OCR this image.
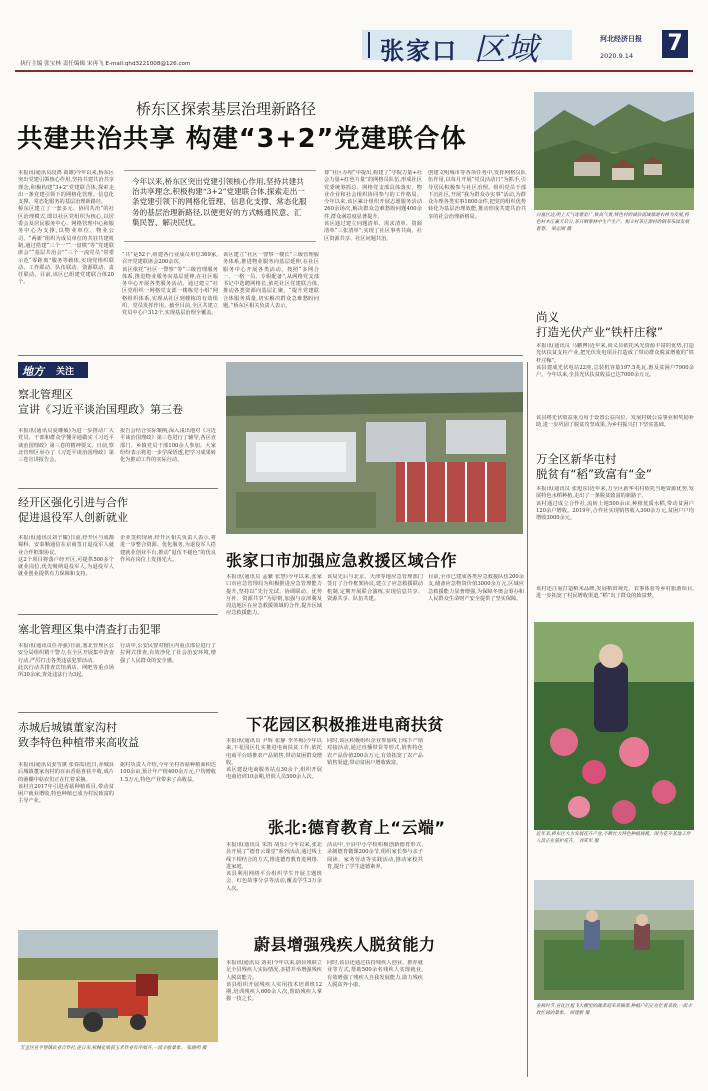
执行主编 张宝林 责任编辑 宋再飞 E-mail:qhd3221008@126.com	张家口 区域	河北经济日报
2020.9.14	7
桥东区探索基层治理新路径
共建共治共享 构建“3+2”党建联合体
本报讯(通讯员段鸿 葛雄)今年以来,桥东区突出党建引领核心作用,坚持共建共治共享理念,积极构建“3+2”党建联合体,探索走出一条党建引领下的网格化管理、信息化支撑、常态化服务的基层治理新路径。
桥东区建立了一套多元、协同共治“的社区治理模式,即以社区党组织为核心,以居委会及居民服务中心、网格管理中心和服务中心为支撑,以物业单位、物业公司、“两新”组织为成员单位的共驻共建机制,通过搭建“三个一”“一盘棋”等“党建联席会”“基层共治会”“三个一流党员”常委示范“零距离”服务等载体,实现党组织联动、工作联动、队伍联动、资源联动、责任联动。目前,该区已组建党建联合体20个。
今年以来,桥东区突出党建引领核心作用,坚持共建共治共享理念,积极构建“3+2”党建联合体,探索走出一条党建引领下的网格化管理、信息化支撑、常态化服务的基层治理新路径,以便更好的方式畅通民意、汇集民智、解决民忧。
“共”是52个,组建各行业成员单位369家,召开党建联席会200余次。
该区依托“社区一警察”等“三级管理服务体系,推进物业服务向基层延伸,在社区服务中心开展各类服务活动。通过建立“社区党组织一网格党支部一楼栋党小组”网格组织体系,实现从社区到楼栋的有效组织、党员发挥作用。截至目前,全区共建立党员中心户312个,实现基层治理全覆盖。
该区建立“社区一警察一楼长”三级管理服务体系,推进物业服务向基层延伸,在社区服务中心开展各类活动。按照“多网合一、一格一员、专职配备”,从网格党支部书记中选聘网格长,依托社区党建联合体,推动各类资源向基层汇聚。“提升党建联合体服务质量,切实解决群众急难愁盼问题。”桥东区相关负责人表示。
尊“社区办理”中提出,构建了“学院力量+社会力量+红色力量”的网格员队伍,形成社区党委统筹抓总、网格党支部具体落实、物业企业和社会组织协同参与的工作格局。今年以来,该区累计组织开展志愿服务活动260余场次,解决群众急难愁盼问题400余件,群众满意度显著提升。
该区通过建立问题清单、需求清单、资源清单“三张清单”,实现了社区事务共商、社区资源共享、社区问题共治。
创建文明城市等各项任务中,发挥网格员队伍作用,以每月开展“党员活动日”为抓手,引导居民积极参与社区治理。组织党员干部下沉社区,开展“我为群众办实事”活动,为群众办理各类实事1800余件,把党的组织优势转化为基层治理效能,推动形成共建共治共享的社会治理新格局。	白塞区边,明上天气迷蒙宽广,秋高气爽,特色村的诚信流域旅游农林为发展,特色村木庄嘉天后公,茶日晒蒙林中生产生产。相立村茶庄源村的铜茶乐园发展着春。 梁志刚 摄
地方 关注
察北管理区
宣讲《习近平谈治国理政》第三卷
本报讯(通讯员夏雕硕)为进一步推动广大党员、干部和群众学懂弄通做实《习近平谈治国理政》第三卷的精神要义。日前,察北管理区举办了《习近平谈治国理政》第三卷宣讲报告会。
报告会结合实际案例,深入浅出地对《习近平谈治国理政》第三卷进行了辅导,各区直部门、乡镇党员干部100余人参加。大家纷纷表示将进一步学深悟透,把学习成果转化为推动工作的实际行动。
经开区强化引进与合作
促进退役军人创新就业
本报讯(通讯员刘子耀)日前,经开区与成都蜀科、安泰顺通信在京商签订退役军人就业合作框架协议。
这2个项目将落户经开区,可提供500多个就业岗位,优先吸纳退役军人,为退役军人就业创业提供有力保障和支持。
企业签约现场,经开区相关负责人表示,将进一步整合资源、优化服务,为退役军人搭建就业创业平台,推动“退伍不褪色”的优良作风在岗位上发扬光大。
塞北管理区集中清查打击犯罪
本报讯(通讯员任亦强)日前,塞北管理区公安分局组织精干警力,在全区开展集中清查行动,严厉打击各类违法犯罪活动。
此次行动共排查宾馆酒店、网吧等重点场所30余家,查处违法行为3起。
行动中,公安民警对辖区内重点部位进行了拉网式排查,有效净化了社会治安环境,增强了人民群众的安全感。
赤城后城镇董家沟村
致李特色种植带来高收益
本报讯(通讯员姜雪黛 张春霞)近日,赤城县后城镇董家沟村的百亩香菇喜获丰收,成片的菌棚中菇农们正在忙着采摘。
该村自2017年引进香菇种植项目,带动贫困户就业增收,特色种植已成为村民致富的主导产业。
据村负责人介绍,今年全村香菇种植面积达100余亩,预计年产值400余万元,户均增收1.5万元,特色产业带来了高收益。
万全区宣平堡镇农业合作社,连日来,机械化收获玉米作业有序展开,一派丰收景象。 张晓明 摄
张家口市加强应急救援区域合作
本报讯(通讯员 孟繁 张慧)今年以来,张家口市应急管理局为积极推进应急管理能力提升,坚持以“先行先试、协调联动、优势互补、资源共享”为原则,加强与京津冀及周边地区在应急救援领域的合作,提升区域应急救援能力。
该局先后与北京、天津等地应急管理部门签订了合作框架协议,建立了应急救援联动机制,定期开展联合演练,实现信息共享、资源共享、队伍共建。
目前,全市已建成各类应急救援队伍200余支,储备应急物资价值3000余万元,区域应急救援能力显著增强,为保障冬奥会筹办和人民群众生命财产安全提供了坚实保障。
下花园区积极推进电商扶贫
本报讯(通讯员 尹辉 张静 李冬梅)今年以来,下花园区扎实推进电商扶贫工作,依托电商平台助推农产品销售,带动贫困群众增收。
该区建设电商服务站点30余个,组织开展电商培训10余期,培训人员500余人次。
同时,该区积极组织企业参加线上线下产销对接活动,通过直播带货等形式,销售特色农产品价值200余万元,有效拓宽了农产品销售渠道,带动贫困户增收致富。
张北:德育教育上“云端”
本报讯(通讯员 朱凯 胡乐) 今年以来,张北县开展了“德育云课堂”系列活动,通过线上线下相结合的方式,推进德育教育进网络、进家庭。
该县利用网络平台组织学生开展主题班会、红色故事分享等活动,覆盖学生3万余人次。
活动中,全县中小学校积极创新德育形式,录制德育微课200余节,组织家长参与亲子阅读、家务劳动等实践活动,推动家校共育,提升了学生道德素养。
蔚县增强残疾人脱贫能力
本报讯(通讯员 刘美)今年以来,蔚县残联立足全县残疾人实际情况,多措并举增强残疾人脱贫能力。
该县组织开展残疾人实用技术培训班12期,培训残疾人600余人次,帮助残疾人掌握一技之长。
同时,该县还通过扶持残疾人创业、推荐就业等方式,帮助500余名残疾人实现就业,有效增强了残疾人自我发展能力,助力残疾人脱贫奔小康。
尚义
打造光伏产业“铁杆庄稼”
本报讯(通讯员 马鹏博)近年来,尚义县依托风光资源丰富的优势,打造光伏扶贫支柱产业,把光伏发电项目打造成了带动群众脱贫增收的“铁杆庄稼”。
该县建成光伏电站22座,总装机容量197.5兆瓦,惠及贫困户7900余户。今年以来,全县光伏扶贫收益已达7000余万元。
该县将光伏收益重点用于设置公益岗位、发展村级公益事业和奖励补助,进一步巩固了脱贫攻坚成果,为乡村振兴打下坚实基础。
万全区新华屯村
脱贫有“稻”致富有“金”
本报讯(通讯员 张旭东)近年来,万全区新华屯村依托当地资源优势,发展特色水稻种植,走出了一条脱贫致富的新路子。
该村通过成立合作社,流转土地500余亩,种植优质水稻,带动贫困户120余户增收。2019年,合作社实现销售收入300余万元,贫困户户均增收3000余元。
该村还注重打造稻米品牌,发展稻田观光、农事体验等乡村旅游项目,进一步拓宽了村民增收渠道,“稻”出了群众的致富梦。
近年来,桥东区大力发展花卉产业,不断壮大特色种植规模。图为花卉基地工作人员正在管护花卉。 刘亚军 摄
金秋时节,宣化区旭飞大棚里的蔬菜迎来采摘季,种植户们正在忙着采收,一派丰收忙碌的景象。 周建新 摄
